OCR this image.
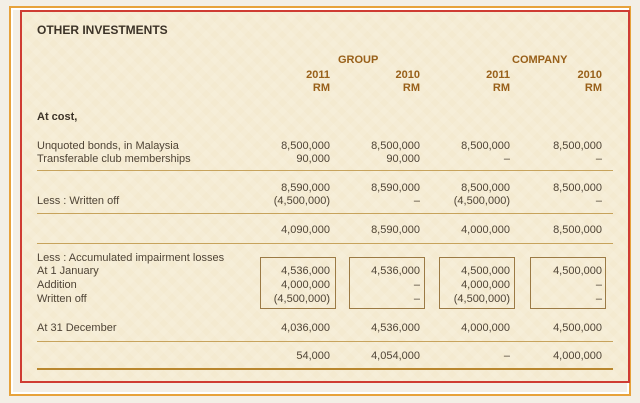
OTHER INVESTMENTS
GROUP	COMPANY
2011	2010	2011	2010
RM	RM	RM	RM
At cost,
Unquoted bonds, in Malaysia	8,500,000	8,500,000	8,500,000	8,500,000
Transferable club memberships	90,000	90,000	–	–
8,590,000	8,590,000	8,500,000	8,500,000
Less : Written off	(4,500,000)	–	(4,500,000)	–
4,090,000	8,590,000	4,000,000	8,500,000
Less : Accumulated impairment losses
At 1 January	4,536,000	4,536,000	4,500,000	4,500,000
Addition	4,000,000	–	4,000,000	–
Written off	(4,500,000)	–	(4,500,000)	–
At 31 December	4,036,000	4,536,000	4,000,000	4,500,000
54,000	4,054,000	–	4,000,000
